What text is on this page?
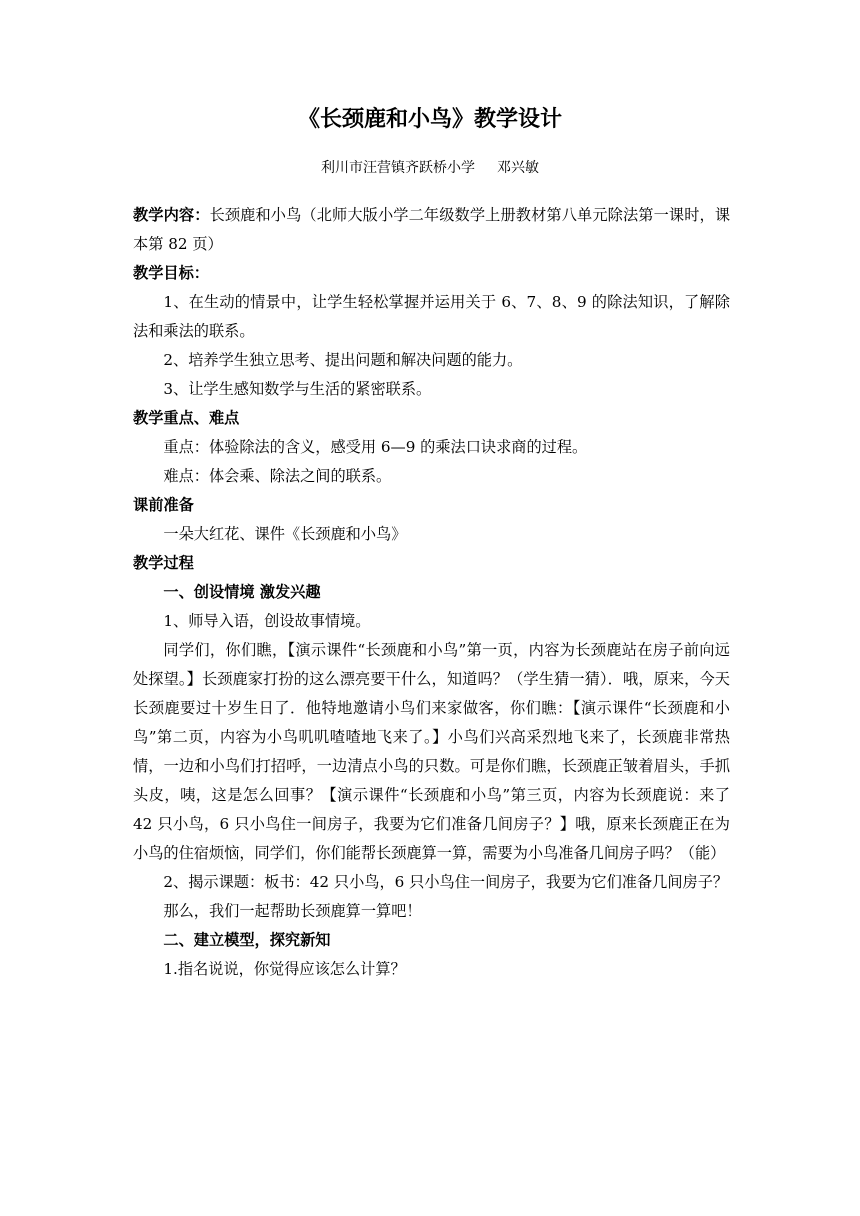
《长颈鹿和小鸟》教学设计
利川市汪营镇齐跃桥小学 邓兴敏

教学内容：长颈鹿和小鸟（北师大版小学二年级数学上册教材第八单元除法第一课时，课本第 82 页）

教学目标：

1、在生动的情景中，让学生轻松掌握并运用关于 6、7、8、9 的除法知识，了解除法和乘法的联系。

2、培养学生独立思考、提出问题和解决问题的能力。

3、让学生感知数学与生活的紧密联系。

教学重点、难点

重点：体验除法的含义，感受用 6—9 的乘法口诀求商的过程。

难点：体会乘、除法之间的联系。

课前准备

一朵大红花、课件《长颈鹿和小鸟》

教学过程

一、创设情境 激发兴趣

1、师导入语，创设故事情境。

同学们，你们瞧，【演示课件“长颈鹿和小鸟”第一页，内容为长颈鹿站在房子前向远处探望。】长颈鹿家打扮的这么漂亮要干什么，知道吗？（学生猜一猜）．哦，原来，今天长颈鹿要过十岁生日了．他特地邀请小鸟们来家做客，你们瞧：【演示课件“长颈鹿和小鸟”第二页，内容为小鸟叽叽喳喳地飞来了。】小鸟们兴高采烈地飞来了，长颈鹿非常热情，一边和小鸟们打招呼，一边清点小鸟的只数。可是你们瞧，长颈鹿正皱着眉头，手抓头皮，咦，这是怎么回事？【演示课件“长颈鹿和小鸟”第三页，内容为长颈鹿说：来了 42 只小鸟，6 只小鸟住一间房子，我要为它们准备几间房子？】哦，原来长颈鹿正在为小鸟的住宿烦恼，同学们，你们能帮长颈鹿算一算，需要为小鸟准备几间房子吗？（能）

2、揭示课题：板书：42 只小鸟，6 只小鸟住一间房子，我要为它们准备几间房子？

那么，我们一起帮助长颈鹿算一算吧！

二、建立模型，探究新知

1.指名说说，你觉得应该怎么计算？
